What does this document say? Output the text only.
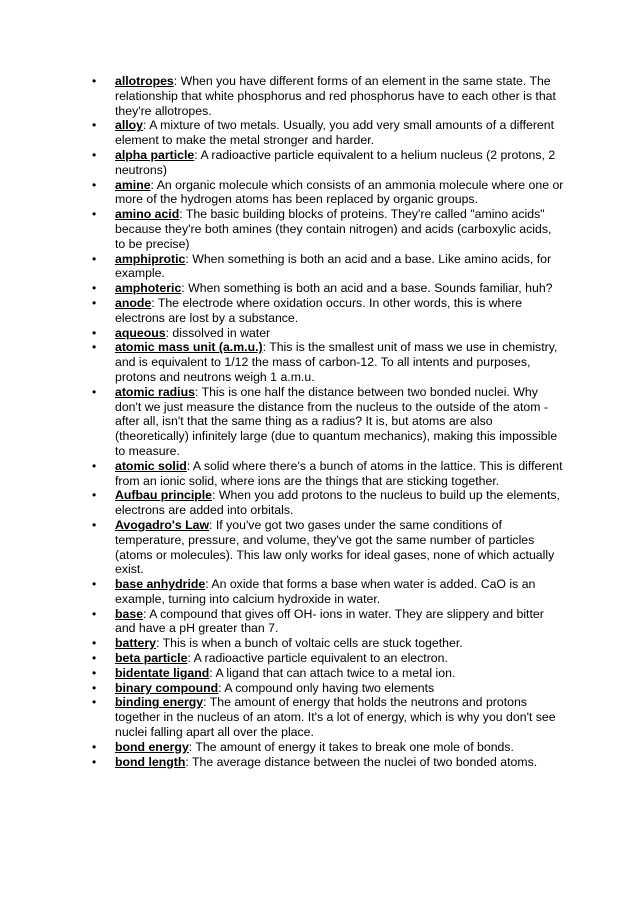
• allotropes: When you have different forms of an element in the same state. The relationship that white phosphorus and red phosphorus have to each other is that they're allotropes.
• alloy: A mixture of two metals. Usually, you add very small amounts of a different element to make the metal stronger and harder.
• alpha particle: A radioactive particle equivalent to a helium nucleus (2 protons, 2 neutrons)
• amine: An organic molecule which consists of an ammonia molecule where one or more of the hydrogen atoms has been replaced by organic groups.
• amino acid: The basic building blocks of proteins. They're called "amino acids" because they're both amines (they contain nitrogen) and acids (carboxylic acids, to be precise)
• amphiprotic: When something is both an acid and a base. Like amino acids, for example.
• amphoteric: When something is both an acid and a base. Sounds familiar, huh?
• anode: The electrode where oxidation occurs. In other words, this is where electrons are lost by a substance.
• aqueous: dissolved in water
• atomic mass unit (a.m.u.): This is the smallest unit of mass we use in chemistry, and is equivalent to 1/12 the mass of carbon-12. To all intents and purposes, protons and neutrons weigh 1 a.m.u.
• atomic radius: This is one half the distance between two bonded nuclei. Why don't we just measure the distance from the nucleus to the outside of the atom - after all, isn't that the same thing as a radius? It is, but atoms are also (theoretically) infinitely large (due to quantum mechanics), making this impossible to measure.
• atomic solid: A solid where there's a bunch of atoms in the lattice. This is different from an ionic solid, where ions are the things that are sticking together.
• Aufbau principle: When you add protons to the nucleus to build up the elements, electrons are added into orbitals.
• Avogadro's Law: If you've got two gases under the same conditions of temperature, pressure, and volume, they've got the same number of particles (atoms or molecules). This law only works for ideal gases, none of which actually exist.
• base anhydride: An oxide that forms a base when water is added. CaO is an example, turning into calcium hydroxide in water.
• base: A compound that gives off OH- ions in water. They are slippery and bitter and have a pH greater than 7.
• battery: This is when a bunch of voltaic cells are stuck together.
• beta particle: A radioactive particle equivalent to an electron.
• bidentate ligand: A ligand that can attach twice to a metal ion.
• binary compound: A compound only having two elements
• binding energy: The amount of energy that holds the neutrons and protons together in the nucleus of an atom. It's a lot of energy, which is why you don't see nuclei falling apart all over the place.
• bond energy: The amount of energy it takes to break one mole of bonds.
• bond length: The average distance between the nuclei of two bonded atoms.
